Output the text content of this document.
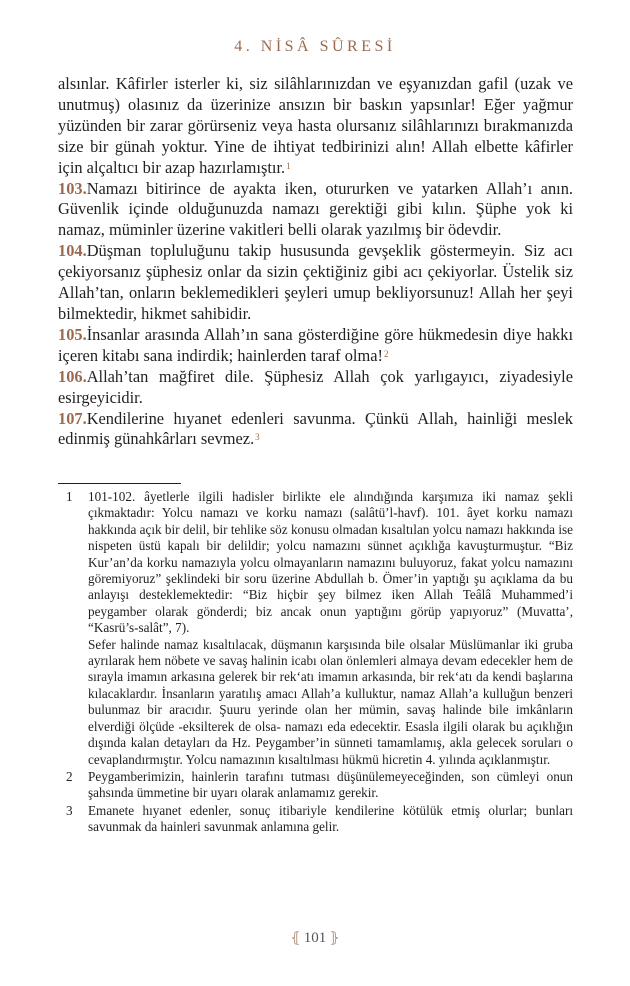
4. NİSÂ SÛRESİ

alsınlar. Kâfirler isterler ki, siz silâhlarınızdan ve eşyanızdan gafil (uzak ve unutmuş) olasınız da üzerinize ansızın bir baskın yapsınlar! Eğer yağmur yüzünden bir zarar görürseniz veya hasta olursanız silâhlarınızı bırakmanızda size bir günah yoktur. Yine de ihtiyat tedbirinizi alın! Allah elbette kâfirler için alçaltıcı bir azap hazırlamıştır.$^1$

103.Namazı bitirince de ayakta iken, otururken ve yatarken Allah’ı anın. Güvenlik içinde olduğunuzda namazı gerektiği gibi kılın. Şüphe yok ki namaz, müminler üzerine vakitleri belli olarak yazılmış bir ödevdir.

104.Düşman topluluğunu takip hususunda gevşeklik göstermeyin. Siz acı çekiyorsanız şüphesiz onlar da sizin çektiğiniz gibi acı çekiyorlar. Üstelik siz Allah’tan, onların beklemedikleri şeyleri umup bekliyorsunuz! Allah her şeyi bilmektedir, hikmet sahibidir.

105.İnsanlar arasında Allah’ın sana gösterdiğine göre hükmedesin diye hakkı içeren kitabı sana indirdik; hainlerden taraf olma!$^2$

106.Allah’tan mağfiret dile. Şüphesiz Allah çok yarlıgayıcı, ziyadesiyle esirgeyicidir.

107.Kendilerine hıyanet edenleri savunma. Çünkü Allah, hainliği meslek edinmiş günahkârları sevmez.$^3$

1	101-102. âyetlerle ilgili hadisler birlikte ele alındığında karşımıza iki namaz şekli çıkmaktadır: Yolcu namazı ve korku namazı (salâtü’l-havf). 101. âyet korku namazı hakkında açık bir delil, bir tehlike söz konusu olmadan kısaltılan yolcu namazı hakkında ise nispeten üstü kapalı bir delildir; yolcu namazını sünnet açıklığa kavuşturmuştur. “Biz Kur’an’da korku namazıyla yolcu olmayanların namazını buluyoruz, fakat yolcu namazını göremiyoruz” şeklindeki bir soru üzerine Abdullah b. Ömer’in yaptığı şu açıklama da bu anlayışı desteklemektedir: “Biz hiçbir şey bilmez iken Allah Teâlâ Muhammed’i peygamber olarak gönderdi; biz ancak onun yaptığını görüp yapıyoruz” (Muvatta’, “Kasrü’s-salât”, 7).

Sefer halinde namaz kısaltılacak, düşmanın karşısında bile olsalar Müslümanlar iki gruba ayrılarak hem nöbete ve savaş halinin icabı olan önlemleri almaya devam edecekler hem de sırayla imamın arkasına gelerek bir rek‘atı imamın arkasında, bir rek‘atı da kendi başlarına kılacaklardır. İnsanların yaratılış amacı Allah’a kulluktur, namaz Allah’a kulluğun benzeri bulunmaz bir aracıdır. Şuuru yerinde olan her mümin, savaş halinde bile imkânların elverdiği ölçüde -eksilterek de olsa- namazı eda edecektir. Esasla ilgili olarak bu açıklığın dışında kalan detayları da Hz. Peygamber’in sünneti tamamlamış, akla gelecek soruları o cevaplandırmıştır. Yolcu namazının kısaltılması hükmü hicretin 4. yılında açıklanmıştır.

2	Peygamberimizin, hainlerin tarafını tutması düşünülemeyeceğinden, son cümleyi onun şahsında ümmetine bir uyarı olarak anlamamız gerekir.

3	Emanete hıyanet edenler, sonuç itibariyle kendilerine kötülük etmiş olurlar; bunları savunmak da hainleri savunmak anlamına gelir.

⦃ 101 ⦄
